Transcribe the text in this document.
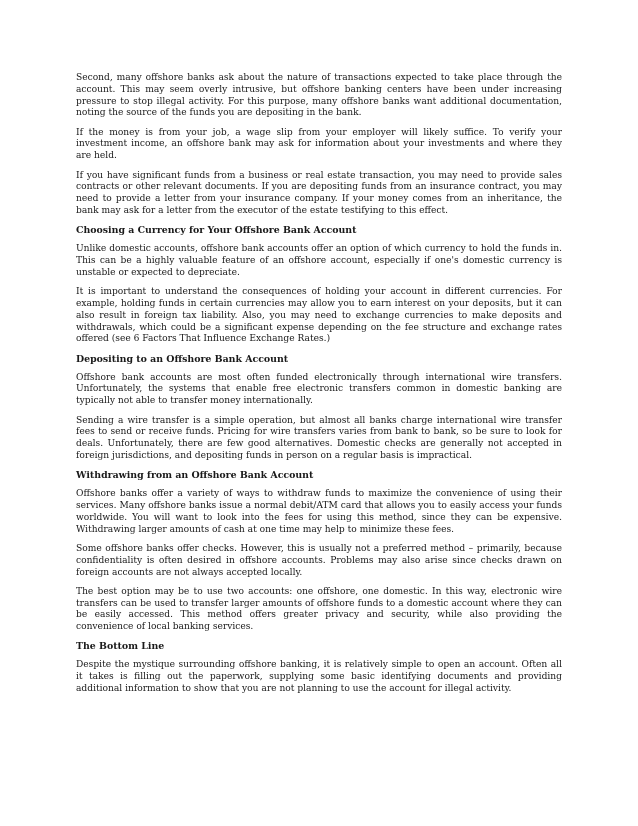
Second, many offshore banks ask about the nature of transactions expected to take place through the account. This may seem overly intrusive, but offshore banking centers have been under increasing pressure to stop illegal activity. For this purpose, many offshore banks want additional documentation, noting the source of the funds you are depositing in the bank.

If the money is from your job, a wage slip from your employer will likely suffice. To verify your investment income, an offshore bank may ask for information about your investments and where they are held.

If you have significant funds from a business or real estate transaction, you may need to provide sales contracts or other relevant documents. If you are depositing funds from an insurance contract, you may need to provide a letter from your insurance company. If your money comes from an inheritance, the bank may ask for a letter from the executor of the estate testifying to this effect.

Choosing a Currency for Your Offshore Bank Account

Unlike domestic accounts, offshore bank accounts offer an option of which currency to hold the funds in. This can be a highly valuable feature of an offshore account, especially if one's domestic currency is unstable or expected to depreciate.

It is important to understand the consequences of holding your account in different currencies. For example, holding funds in certain currencies may allow you to earn interest on your deposits, but it can also result in foreign tax liability. Also, you may need to exchange currencies to make deposits and withdrawals, which could be a significant expense depending on the fee structure and exchange rates offered (see 6 Factors That Influence Exchange Rates.)

Depositing to an Offshore Bank Account

Offshore bank accounts are most often funded electronically through international wire transfers. Unfortunately, the systems that enable free electronic transfers common in domestic banking are typically not able to transfer money internationally.

Sending a wire transfer is a simple operation, but almost all banks charge international wire transfer fees to send or receive funds. Pricing for wire transfers varies from bank to bank, so be sure to look for deals. Unfortunately, there are few good alternatives. Domestic checks are generally not accepted in foreign jurisdictions, and depositing funds in person on a regular basis is impractical.

Withdrawing from an Offshore Bank Account

Offshore banks offer a variety of ways to withdraw funds to maximize the convenience of using their services. Many offshore banks issue a normal debit/ATM card that allows you to easily access your funds worldwide. You will want to look into the fees for using this method, since they can be expensive. Withdrawing larger amounts of cash at one time may help to minimize these fees.

Some offshore banks offer checks. However, this is usually not a preferred method – primarily, because confidentiality is often desired in offshore accounts. Problems may also arise since checks drawn on foreign accounts are not always accepted locally.

The best option may be to use two accounts: one offshore, one domestic. In this way, electronic wire transfers can be used to transfer larger amounts of offshore funds to a domestic account where they can be easily accessed. This method offers greater privacy and security, while also providing the convenience of local banking services.

The Bottom Line

Despite the mystique surrounding offshore banking, it is relatively simple to open an account. Often all it takes is filling out the paperwork, supplying some basic identifying documents and providing additional information to show that you are not planning to use the account for illegal activity.
